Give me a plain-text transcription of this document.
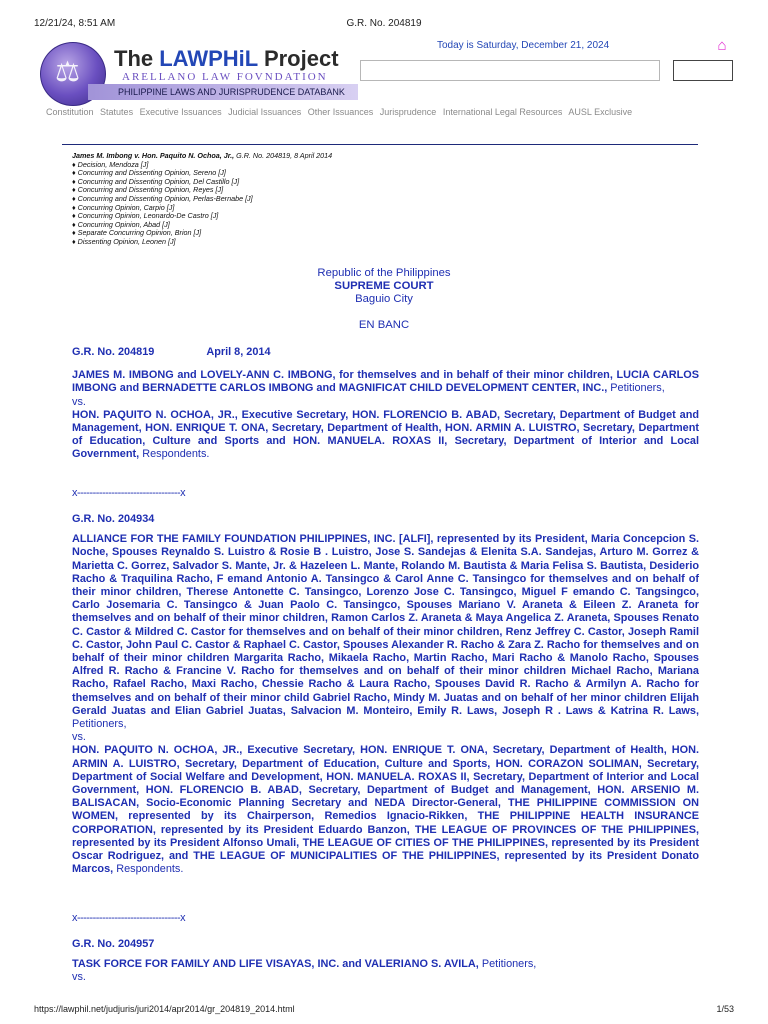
12/21/24, 8:51 AM	G.R. No. 204819
⚖ The LAWPHiL Project
ARELLANO LAW FOVNDATION
PHILIPPINE LAWS AND JURISPRUDENCE DATABANK
Today is Saturday, December 21, 2024	⌂
Constitution Statutes Executive Issuances Judicial Issuances Other Issuances Jurisprudence International Legal Resources AUSL Exclusive
James M. Imbong v. Hon. Paquito N. Ochoa, Jr., G.R. No. 204819, 8 April 2014
♦ Decision, Mendoza [J]
♦ Concurring and Dissenting Opinion, Sereno [J]
♦ Concurring and Dissenting Opinion, Del Castillo [J]
♦ Concurring and Dissenting Opinion, Reyes [J]
♦ Concurring and Dissenting Opinion, Perlas-Bernabe [J]
♦ Concurring Opinion, Carpio [J]
♦ Concurring Opinion, Leonardo-De Castro [J]
♦ Concurring Opinion, Abad [J]
♦ Separate Concurring Opinion, Brion [J]
♦ Dissenting Opinion, Leonen [J]
Republic of the Philippines
SUPREME COURT
Baguio City
EN BANC

G.R. No. 204819	April 8, 2014

JAMES M. IMBONG and LOVELY-ANN C. IMBONG, for themselves and in behalf of their minor children, LUCIA CARLOS IMBONG and BERNADETTE CARLOS IMBONG and MAGNIFICAT CHILD DEVELOPMENT CENTER, INC., Petitioners,

vs.

HON. PAQUITO N. OCHOA, JR., Executive Secretary, HON. FLORENCIO B. ABAD, Secretary, Department of Budget and Management, HON. ENRIQUE T. ONA, Secretary, Department of Health, HON. ARMIN A. LUISTRO, Secretary, Department of Education, Culture and Sports and HON. MANUELA. ROXAS II, Secretary, Department of Interior and Local Government, Respondents.

x---------------------------------x

G.R. No. 204934

ALLIANCE FOR THE FAMILY FOUNDATION PHILIPPINES, INC. [ALFI], represented by its President, Maria Concepcion S. Noche, Spouses Reynaldo S. Luistro & Rosie B . Luistro, Jose S. Sandejas & Elenita S.A. Sandejas, Arturo M. Gorrez & Marietta C. Gorrez, Salvador S. Mante, Jr. & Hazeleen L. Mante, Rolando M. Bautista & Maria Felisa S. Bautista, Desiderio Racho & Traquilina Racho, F emand Antonio A. Tansingco & Carol Anne C. Tansingco for themselves and on behalf of their minor children, Therese Antonette C. Tansingco, Lorenzo Jose C. Tansingco, Miguel F emando C. Tangsingco, Carlo Josemaria C. Tansingco & Juan Paolo C. Tansingco, Spouses Mariano V. Araneta & Eileen Z. Araneta for themselves and on behalf of their minor children, Ramon Carlos Z. Araneta & Maya Angelica Z. Araneta, Spouses Renato C. Castor & Mildred C. Castor for themselves and on behalf of their minor children, Renz Jeffrey C. Castor, Joseph Ramil C. Castor, John Paul C. Castor & Raphael C. Castor, Spouses Alexander R. Racho & Zara Z. Racho for themselves and on behalf of their minor children Margarita Racho, Mikaela Racho, Martin Racho, Mari Racho & Manolo Racho, Spouses Alfred R. Racho & Francine V. Racho for themselves and on behalf of their minor children Michael Racho, Mariana Racho, Rafael Racho, Maxi Racho, Chessie Racho & Laura Racho, Spouses David R. Racho & Armilyn A. Racho for themselves and on behalf of their minor child Gabriel Racho, Mindy M. Juatas and on behalf of her minor children Elijah Gerald Juatas and Elian Gabriel Juatas, Salvacion M. Monteiro, Emily R. Laws, Joseph R . Laws & Katrina R. Laws, Petitioners,

vs.

HON. PAQUITO N. OCHOA, JR., Executive Secretary, HON. ENRIQUE T. ONA, Secretary, Department of Health, HON. ARMIN A. LUISTRO, Secretary, Department of Education, Culture and Sports, HON. CORAZON SOLIMAN, Secretary, Department of Social Welfare and Development, HON. MANUELA. ROXAS II, Secretary, Department of Interior and Local Government, HON. FLORENCIO B. ABAD, Secretary, Department of Budget and Management, HON. ARSENIO M. BALISACAN, Socio-Economic Planning Secretary and NEDA Director-General, THE PHILIPPINE COMMISSION ON WOMEN, represented by its Chairperson, Remedios Ignacio-Rikken, THE PHILIPPINE HEALTH INSURANCE CORPORATION, represented by its President Eduardo Banzon, THE LEAGUE OF PROVINCES OF THE PHILIPPINES, represented by its President Alfonso Umali, THE LEAGUE OF CITIES OF THE PHILIPPINES, represented by its President Oscar Rodriguez, and THE LEAGUE OF MUNICIPALITIES OF THE PHILIPPINES, represented by its President Donato Marcos, Respondents.

x---------------------------------x

G.R. No. 204957

TASK FORCE FOR FAMILY AND LIFE VISAYAS, INC. and VALERIANO S. AVILA, Petitioners,

vs.

https://lawphil.net/judjuris/juri2014/apr2014/gr_204819_2014.html	1/53
